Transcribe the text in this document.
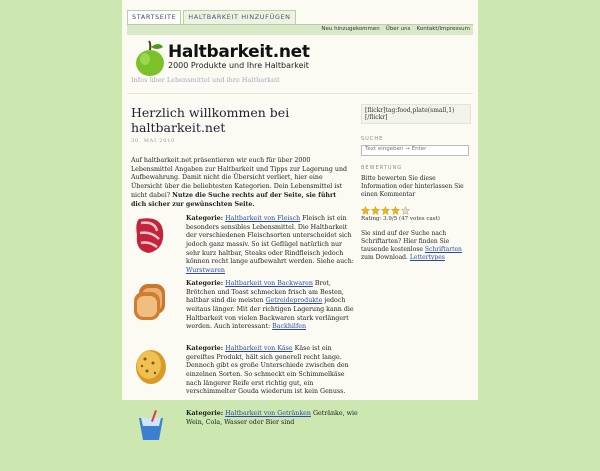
STARTSEITE	HALTBARKEIT HINZUFÜGEN
Neu hinzugekommen Über uns Kontakt/Impressum
Haltbarkeit.net
2000 Produkte und Ihre Haltbarkeit
Infos über Lebensmittel und ihre Haltbarkeit
Herzlich willkommen bei haltbarkeit.net
30. MAI 2010
Auf haltbarkeit.net präsentieren wir euch für über 2000 Lebensmittel Angaben zur Haltbarkeit und Tipps zur Lagerung und Aufbewahrung. Damit nicht die Übersicht verliert, hier eine Übersicht über die beliebtesten Kategorien. Dein Lebensmittel ist nicht dabei? Nutze die Suche rechts auf der Seite, sie führt dich sicher zur gewünschten Seite.
Kategorie: Haltbarkeit von Fleisch Fleisch ist ein besonders sensibles Lebensmittel. Die Haltbarkeit der verschiedenen Fleischsorten unterscheidet sich jedoch ganz massiv. So ist Geflügel natürlich nur sehr kurz haltbar, Steaks oder Rindfleisch jedoch können recht lange aufbewahrt werden. Siehe auch: Wurstwaren
Kategorie: Haltbarkeit von Backwaren Brot, Brötchen und Toast schmecken frisch am Besten, haltbar sind die meisten Getreideprodukte jedoch weitaus länger. Mit der richtigen Lagerung kann die Haltbarkeit von vielen Backwaren stark verlängert werden. Auch interessant: Backhilfen
Kategorie: Haltbarkeit von Käse Käse ist ein gereiftes Produkt, hält sich generell recht lange. Dennoch gibt es große Unterschiede zwischen den einzelnen Sorten. So schmeckt ein Schimmelkäse nach längerer Reife erst richtig gut, ein verschimmelter Gouda wiederum ist kein Genuss.
Kategorie: Haltbarkeit von Getränken Getränke, wie Wein, Cola, Wasser oder Bier sind
[flickr]tag:food,plate(small,1)[/flickr]
SUCHE
Text eingeben → Enter
BEWERTUNG
Bitte bewerten Sie diese Information oder hinterlassen Sie einen Kommentar
Rating: 3.9/5 (47 votes cast)
Sie sind auf der Suche nach Schriftarten? Hier finden Sie tausende kostenlose Schriftarten zum Download. Lettertypes
